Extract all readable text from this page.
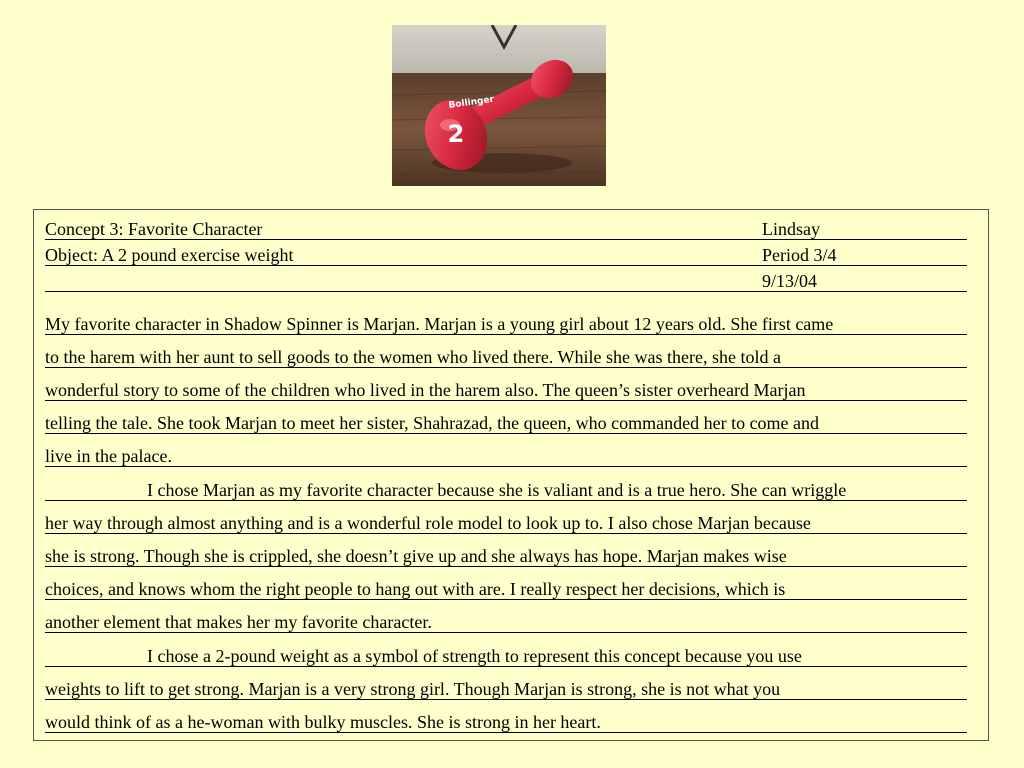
Bollinger
2
Concept 3: Favorite Character	Lindsay
Object: A 2 pound exercise weight	Period 3/4
9/13/04
My favorite character in Shadow Spinner is Marjan. Marjan is a young girl about 12 years old. She first came
to the harem with her aunt to sell goods to the women who lived there. While she was there, she told a
wonderful story to some of the children who lived in the harem also. The queen’s sister overheard Marjan
telling the tale. She took Marjan to meet her sister, Shahrazad, the queen, who commanded her to come and
live in the palace.
I chose Marjan as my favorite character because she is valiant and is a true hero. She can wriggle
her way through almost anything and is a wonderful role model to look up to. I also chose Marjan because
she is strong. Though she is crippled, she doesn’t give up and she always has hope. Marjan makes wise
choices, and knows whom the right people to hang out with are. I really respect her decisions, which is
another element that makes her my favorite character.
I chose a 2-pound weight as a symbol of strength to represent this concept because you use
weights to lift to get strong. Marjan is a very strong girl. Though Marjan is strong, she is not what you
would think of as a he-woman with bulky muscles. She is strong in her heart.
